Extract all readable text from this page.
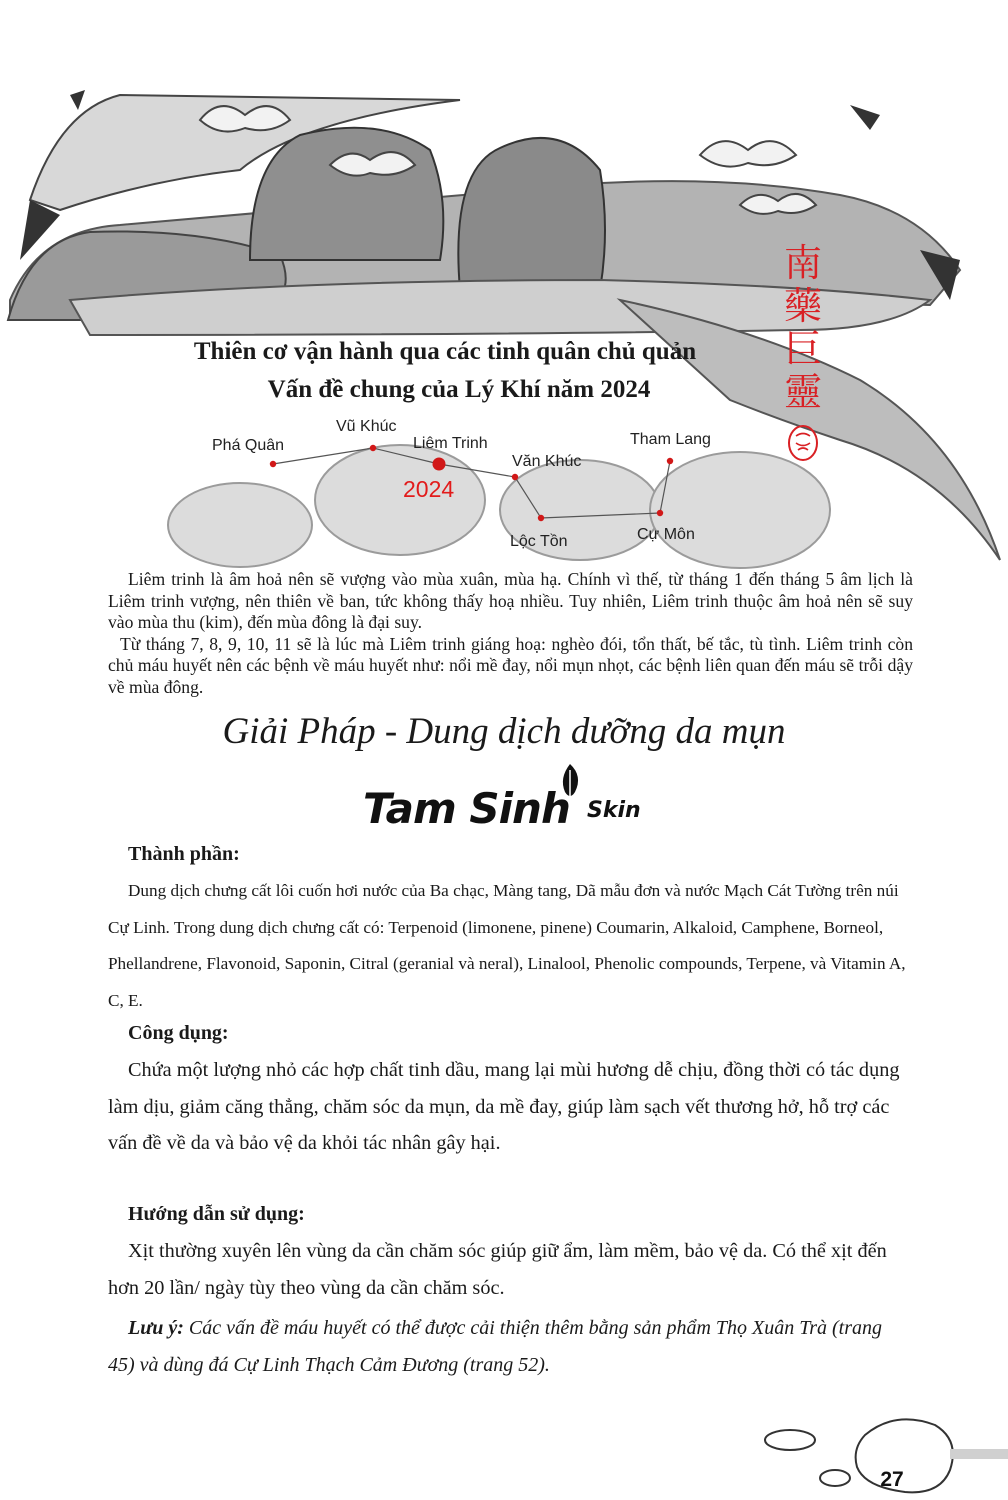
南藥巨靈
Thiên cơ vận hành qua các tinh quân chủ quản
Vấn đề chung của Lý Khí năm 2024
Phá Quân
Vũ Khúc
Liêm Trinh
Văn Khúc
Lộc Tồn	Cự Môn
Tham Lang
2024

Liêm trinh là âm hoả nên sẽ vượng vào mùa xuân, mùa hạ. Chính vì thế, từ tháng 1 đến tháng 5 âm lịch là Liêm trinh vượng, nên thiên về ban, tức không thấy hoạ nhiều. Tuy nhiên, Liêm trinh thuộc âm hoả nên sẽ suy vào mùa thu (kim), đến mùa đông là đại suy.

Từ tháng 7, 8, 9, 10, 11 sẽ là lúc mà Liêm trinh giáng hoạ: nghèo đói, tổn thất, bế tắc, tù tình. Liêm trinh còn chủ máu huyết nên các bệnh về máu huyết như: nổi mề đay, nổi mụn nhọt, các bệnh liên quan đến máu sẽ trỗi dậy về mùa đông.

Giải Pháp - Dung dịch dưỡng da mụn
Tam Sinh Skin
Thành phần:

Dung dịch chưng cất lôi cuốn hơi nước của Ba chạc, Màng tang, Dã mẫu đơn và nước Mạch Cát Tường trên núi Cự Linh. Trong dung dịch chưng cất có: Terpenoid (limonene, pinene) Coumarin, Alkaloid, Camphene, Borneol, Phellandrene, Flavonoid, Saponin, Citral (geranial và neral), Linalool, Phenolic compounds, Terpene, và Vitamin A, C, E.

Công dụng:

Chứa một lượng nhỏ các hợp chất tinh dầu, mang lại mùi hương dễ chịu, đồng thời có tác dụng làm dịu, giảm căng thẳng, chăm sóc da mụn, da mề đay, giúp làm sạch vết thương hở, hỗ trợ các vấn đề về da và bảo vệ da khỏi tác nhân gây hại.

Hướng dẫn sử dụng:

Xịt thường xuyên lên vùng da cần chăm sóc giúp giữ ẩm, làm mềm, bảo vệ da. Có thể xịt đến hơn 20 lần/ ngày tùy theo vùng da cần chăm sóc.

Lưu ý: Các vấn đề máu huyết có thể được cải thiện thêm bằng sản phẩm Thọ Xuân Trà (trang 45) và dùng đá Cự Linh Thạch Cảm Đương (trang 52).

27
